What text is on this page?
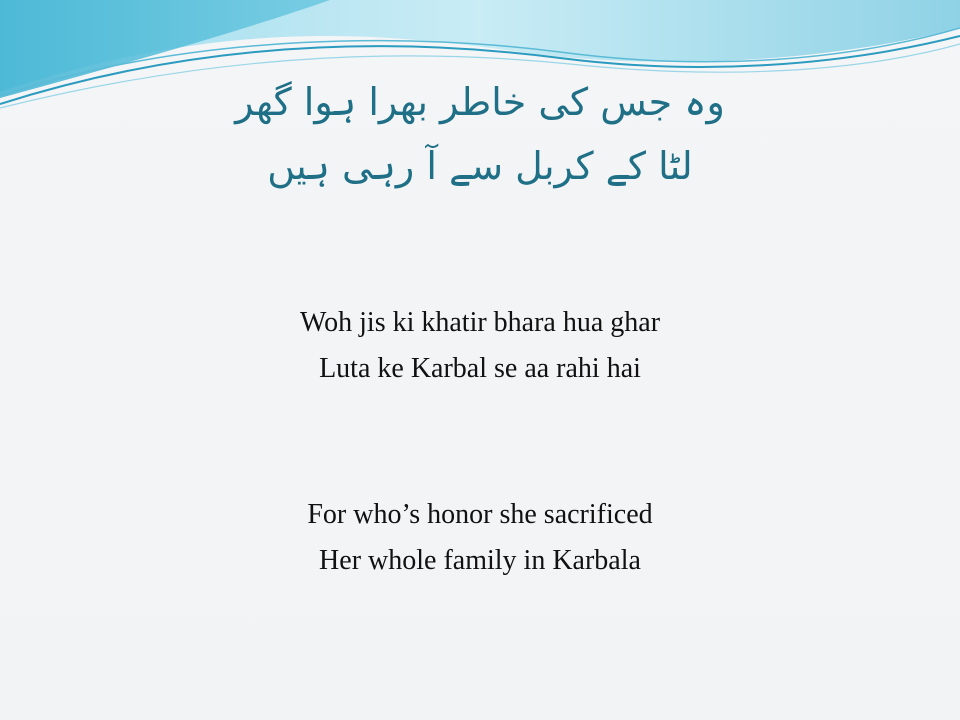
وہ جس کی خاطر بھرا ہوا گھر
لٹا کے کربل سے آ رہی ہیں
Woh jis ki khatir bhara hua ghar
Luta ke Karbal se aa rahi hai
For who’s honor she sacrificed
Her whole family in Karbala
